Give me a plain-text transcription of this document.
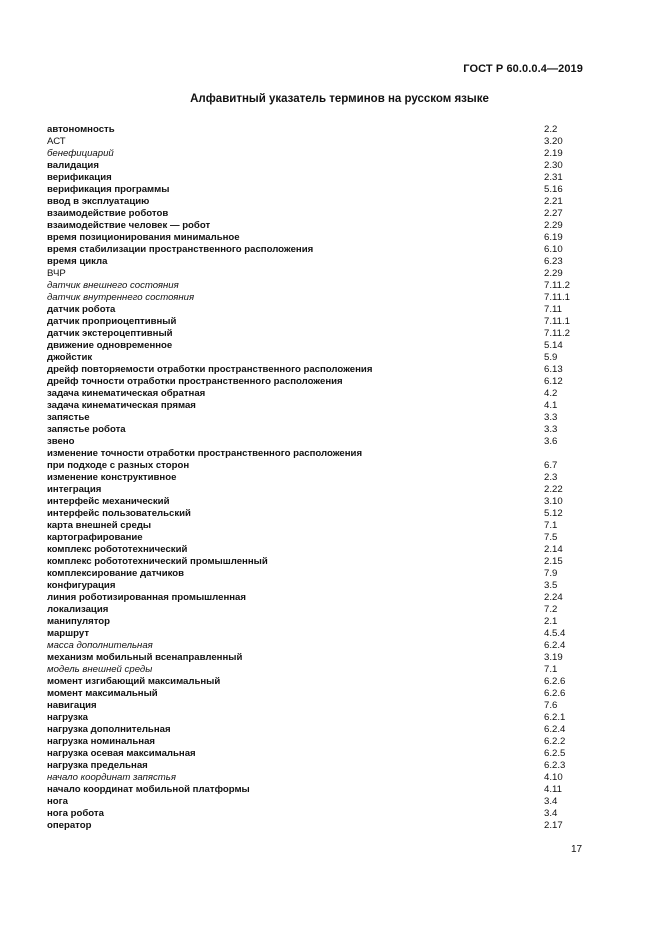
ГОСТ Р 60.0.0.4—2019
Алфавитный указатель терминов на русском языке
автономность	2.2
АСТ	3.20
бенефициарий	2.19
валидация	2.30
верификация	2.31
верификация программы	5.16
ввод в эксплуатацию	2.21
взаимодействие роботов	2.27
взаимодействие человек — робот	2.29
время позиционирования минимальное	6.19
время стабилизации пространственного расположения	6.10
время цикла	6.23
ВЧР	2.29
датчик внешнего состояния	7.11.2
датчик внутреннего состояния	7.11.1
датчик робота	7.11
датчик проприоцептивный	7.11.1
датчик экстероцептивный	7.11.2
движение одновременное	5.14
джойстик	5.9
дрейф повторяемости отработки пространственного расположения	6.13
дрейф точности отработки пространственного расположения	6.12
задача кинематическая обратная	4.2
задача кинематическая прямая	4.1
запястье	3.3
запястье робота	3.3
звено	3.6
изменение точности отработки пространственного расположения
при подходе с разных сторон	6.7
изменение конструктивное	2.3
интеграция	2.22
интерфейс механический	3.10
интерфейс пользовательский	5.12
карта внешней среды	7.1
картографирование	7.5
комплекс робототехнический	2.14
комплекс робототехнический промышленный	2.15
комплексирование датчиков	7.9
конфигурация	3.5
линия роботизированная промышленная	2.24
локализация	7.2
манипулятор	2.1
маршрут	4.5.4
масса дополнительная	6.2.4
механизм мобильный всенаправленный	3.19
модель внешней среды	7.1
момент изгибающий максимальный	6.2.6
момент максимальный	6.2.6
навигация	7.6
нагрузка	6.2.1
нагрузка дополнительная	6.2.4
нагрузка номинальная	6.2.2
нагрузка осевая максимальная	6.2.5
нагрузка предельная	6.2.3
начало координат запястья	4.10
начало координат мобильной платформы	4.11
нога	3.4
нога робота	3.4
оператор	2.17
17
